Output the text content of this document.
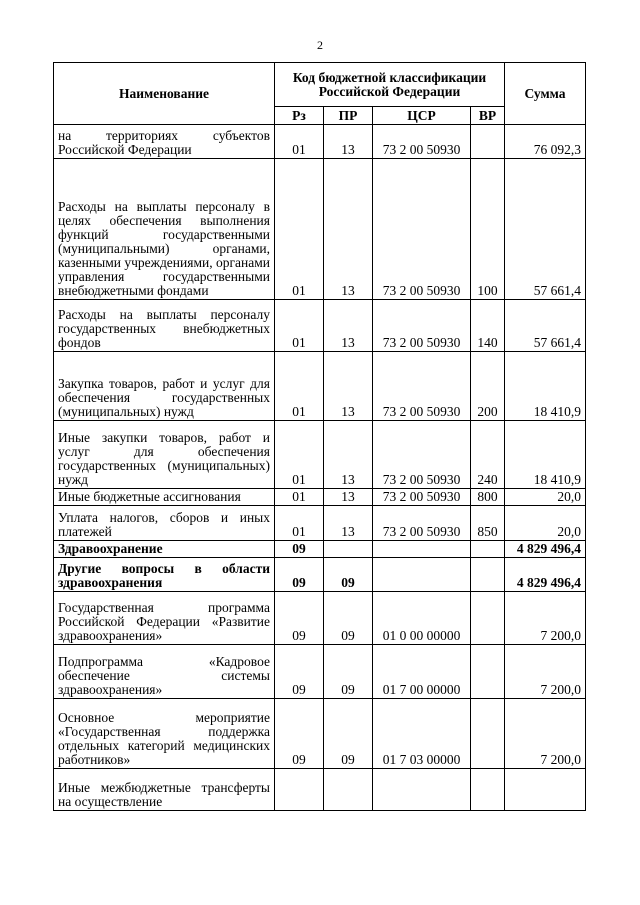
2
Наименование	Код бюджетной классификации Российской Федерации				Сумма
	Рз	ПР	ЦСР	ВР	
на территориях субъектов Российской Федерации	01	13	73 2 00 50930		76 092,3
Расходы на выплаты персоналу в целях обеспечения выполнения функций государственными (муниципальными) органами, казенными учреждениями, органами управления государственными внебюджетными фондами	01	13	73 2 00 50930	100	57 661,4
Расходы на выплаты персоналу государственных внебюджетных фондов	01	13	73 2 00 50930	140	57 661,4
Закупка товаров, работ и услуг для обеспечения государственных (муниципальных) нужд	01	13	73 2 00 50930	200	18 410,9
Иные закупки товаров, работ и услуг для обеспечения государственных (муниципальных) нужд	01	13	73 2 00 50930	240	18 410,9
Иные бюджетные ассигнования	01	13	73 2 00 50930	800	20,0
Уплата налогов, сборов и иных платежей	01	13	73 2 00 50930	850	20,0
Здравоохранение	09				4 829 496,4
Другие вопросы в области здравоохранения	09	09			4 829 496,4
Государственная программа Российской Федерации «Развитие здравоохранения»	09	09	01 0 00 00000		7 200,0
Подпрограмма «Кадровое обеспечение системы здравоохранения»	09	09	01 7 00 00000		7 200,0
Основное мероприятие «Государственная поддержка отдельных категорий медицинских работников»	09	09	01 7 03 00000		7 200,0
Иные межбюджетные трансферты на осуществление					
